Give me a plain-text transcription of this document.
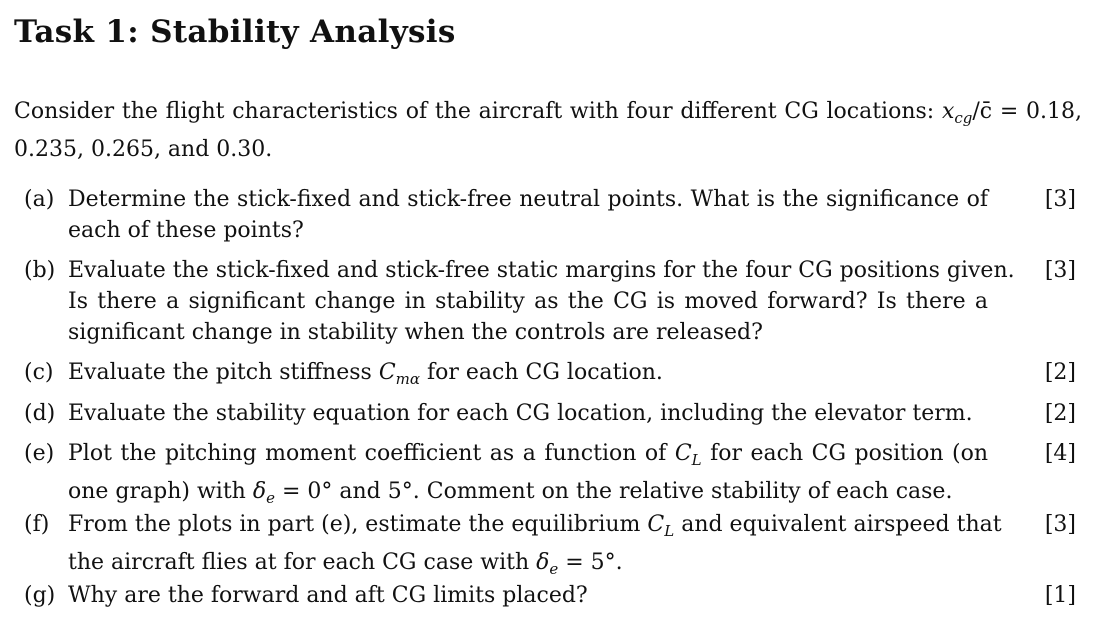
Task 1: Stability Analysis
Consider the flight characteristics of the aircraft with four different CG locations: $x_{cg}/c̄ = 0.18$,
0.235, 0.265, and 0.30.
(a) Determine the stick-fixed and stick-free neutral points. What is the significance of
each of these points?
[3]
(b) Evaluate the stick-fixed and stick-free static margins for the four CG positions given.
Is there a significant change in stability as the CG is moved forward? Is there a
significant change in stability when the controls are released?
[3]
(c) Evaluate the pitch stiffness $C_{m\alpha}$ for each CG location.	[2]
(d) Evaluate the stability equation for each CG location, including the elevator term.	[2]
(e) Plot the pitching moment coefficient as a function of $C_L$ for each CG position (on
one graph) with $\delta_e = 0^\circ$ and 5°. Comment on the relative stability of each case.
[4]
(f) From the plots in part (e), estimate the equilibrium $C_L$ and equivalent airspeed that
the aircraft flies at for each CG case with $\delta_e = 5^\circ$.
[3]
(g) Why are the forward and aft CG limits placed?	[1]
